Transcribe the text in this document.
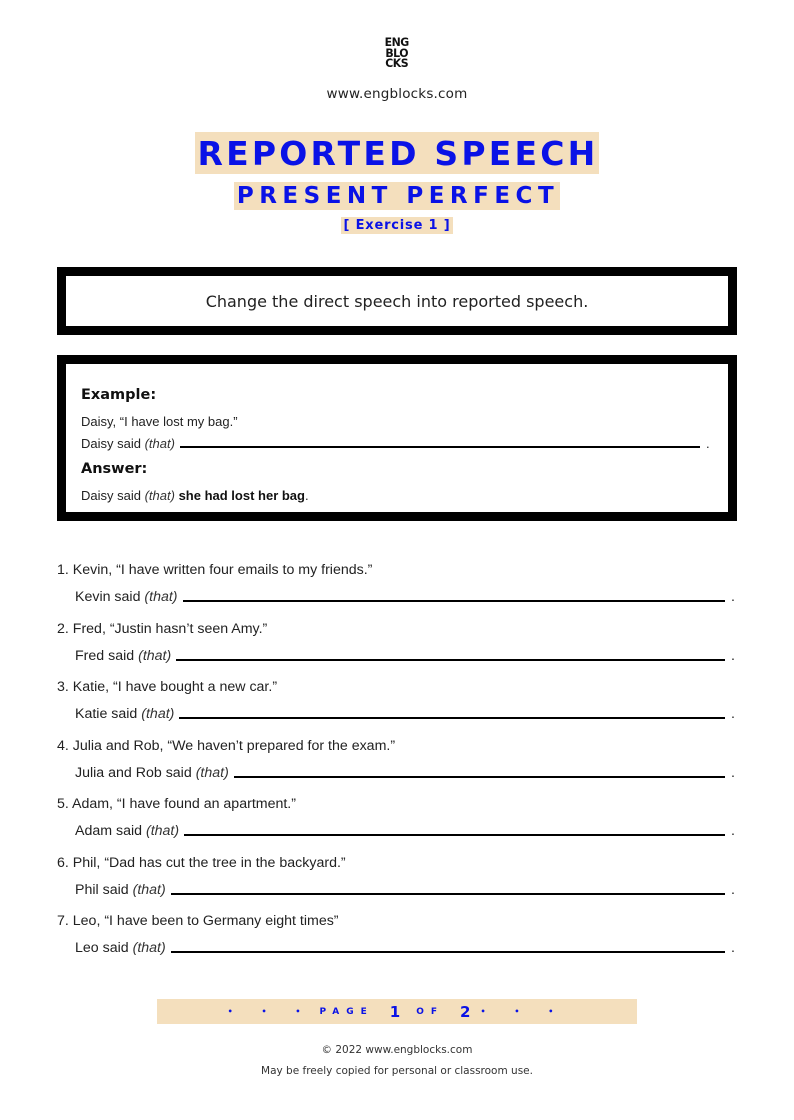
ENG
BLO
CKS
www.engblocks.com
REPORTED SPEECH
PRESENT PERFECT
[ Exercise 1 ]
Change the direct speech into reported speech.
Example:
Daisy, “I have lost my bag.”
Daisy said
(that)	.
Answer:
Daisy said (that) she had lost her bag.
1. Kevin, “I have written four emails to my friends.”
Kevin said
(that)	.
2. Fred, “Justin hasn’t seen Amy.”
Fred said
(that)	.
3. Katie, “I have bought a new car.”
Katie said
(that)	.
4. Julia and Rob, “We haven’t prepared for the exam.”
Julia and Rob said
(that)	.
5. Adam, “I have found an apartment.”
Adam said
(that)	.
6. Phil, “Dad has cut the tree in the backyard.”
Phil said
(that)	.
7. Leo, “I have been to Germany eight times”
Leo said
(that)	.
• • • PAGE 1 OF 2 • • •
© 2022 www.engblocks.com
May be freely copied for personal or classroom use.
